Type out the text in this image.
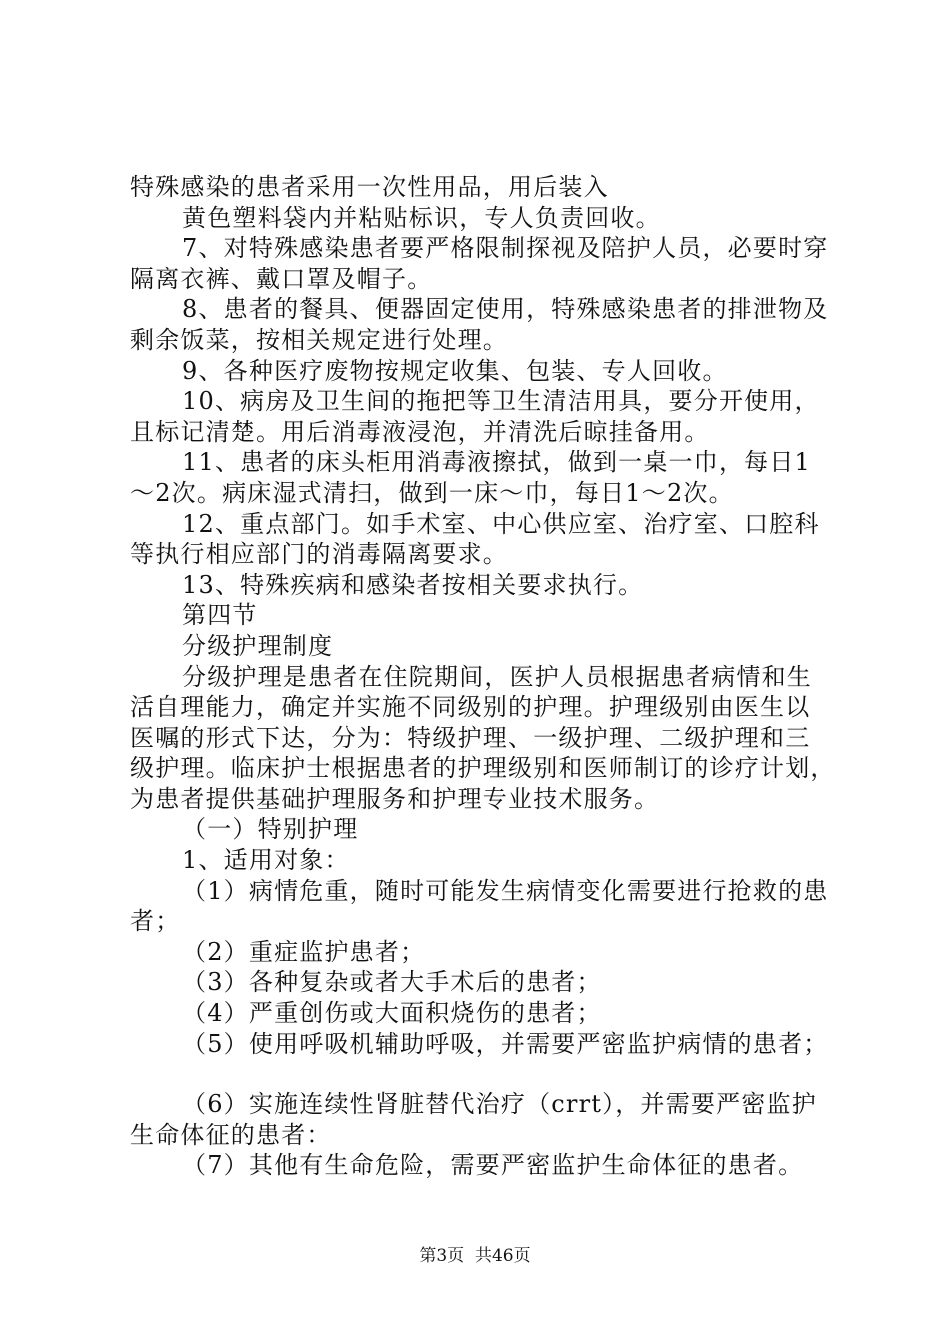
特殊感染的患者采用一次性用品，用后装入
黄色塑料袋内并粘贴标识，专人负责回收。
7、对特殊感染患者要严格限制探视及陪护人员，必要时穿
隔离衣裤、戴口罩及帽子。
8、患者的餐具、便器固定使用，特殊感染患者的排泄物及
剩余饭菜，按相关规定进行处理。
9、各种医疗废物按规定收集、包装、专人回收。
10、病房及卫生间的拖把等卫生清洁用具，要分开使用，
且标记清楚。用后消毒液浸泡，并清洗后晾挂备用。
11、患者的床头柜用消毒液擦拭，做到一桌一巾，每日1
～2次。病床湿式清扫，做到一床～巾，每日1～2次。
12、重点部门。如手术室、中心供应室、治疗室、口腔科
等执行相应部门的消毒隔离要求。
13、特殊疾病和感染者按相关要求执行。
第四节
分级护理制度
分级护理是患者在住院期间，医护人员根据患者病情和生
活自理能力，确定并实施不同级别的护理。护理级别由医生以
医嘱的形式下达，分为：特级护理、一级护理、二级护理和三
级护理。临床护士根据患者的护理级别和医师制订的诊疗计划，
为患者提供基础护理服务和护理专业技术服务。
（一）特别护理
1、适用对象：
（1）病情危重，随时可能发生病情变化需要进行抢救的患
者；
（2）重症监护患者；
（3）各种复杂或者大手术后的患者；
（4）严重创伤或大面积烧伤的患者；
（5）使用呼吸机辅助呼吸，并需要严密监护病情的患者；
（6）实施连续性肾脏替代治疗（crrt），并需要严密监护
生命体征的患者：
（7）其他有生命危险，需要严密监护生命体征的患者。
第3页  共46页
